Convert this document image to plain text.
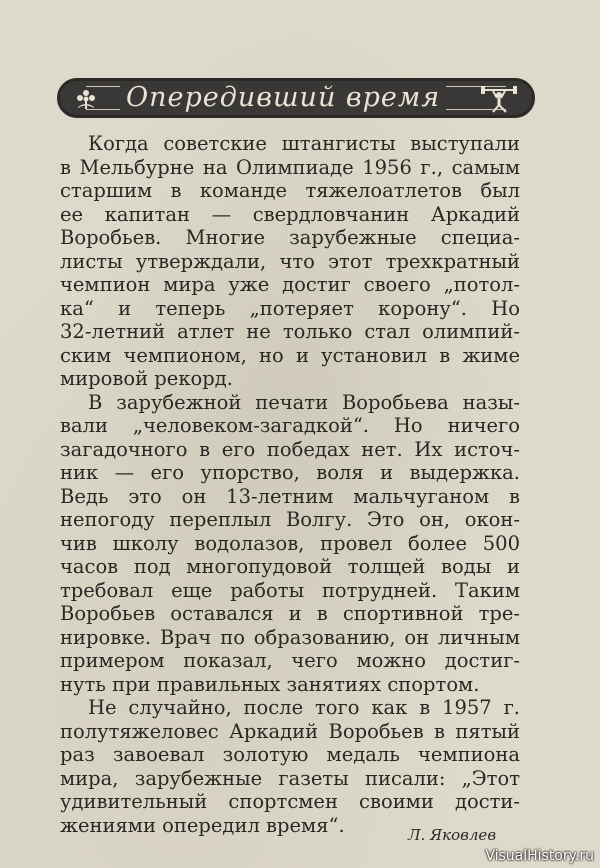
Опередивший время
Когда советские штангисты выступали
в Мельбурне на Олимпиаде 1956 г., самым
старшим в команде тяжелоатлетов был
ее капитан — свердловчанин Аркадий
Воробьев. Многие зарубежные специа-
листы утверждали, что этот трехкратный
чемпион мира уже достиг своего „потол-
ка“ и теперь „потеряет корону“. Но
32-летний атлет не только стал олимпий-
ским чемпионом, но и установил в жиме
мировой рекорд.
В зарубежной печати Воробьева назы-
вали „человеком-загадкой“. Но ничего
загадочного в его победах нет. Их источ-
ник — его упорство, воля и выдержка.
Ведь это он 13-летним мальчуганом в
непогоду переплыл Волгу. Это он, окон-
чив школу водолазов, провел более 500
часов под многопудовой толщей воды и
требовал еще работы потрудней. Таким
Воробьев оставался и в спортивной тре-
нировке. Врач по образованию, он личным
примером показал, чего можно достиг-
нуть при правильных занятиях спортом.
Не случайно, после того как в 1957 г.
полутяжеловес Аркадий Воробьев в пятый
раз завоевал золотую медаль чемпиона
мира, зарубежные газеты писали: „Этот
удивительный спортсмен своими дости-
жениями опередил время“.	Л. Яковлев
VisualHistory.ru
